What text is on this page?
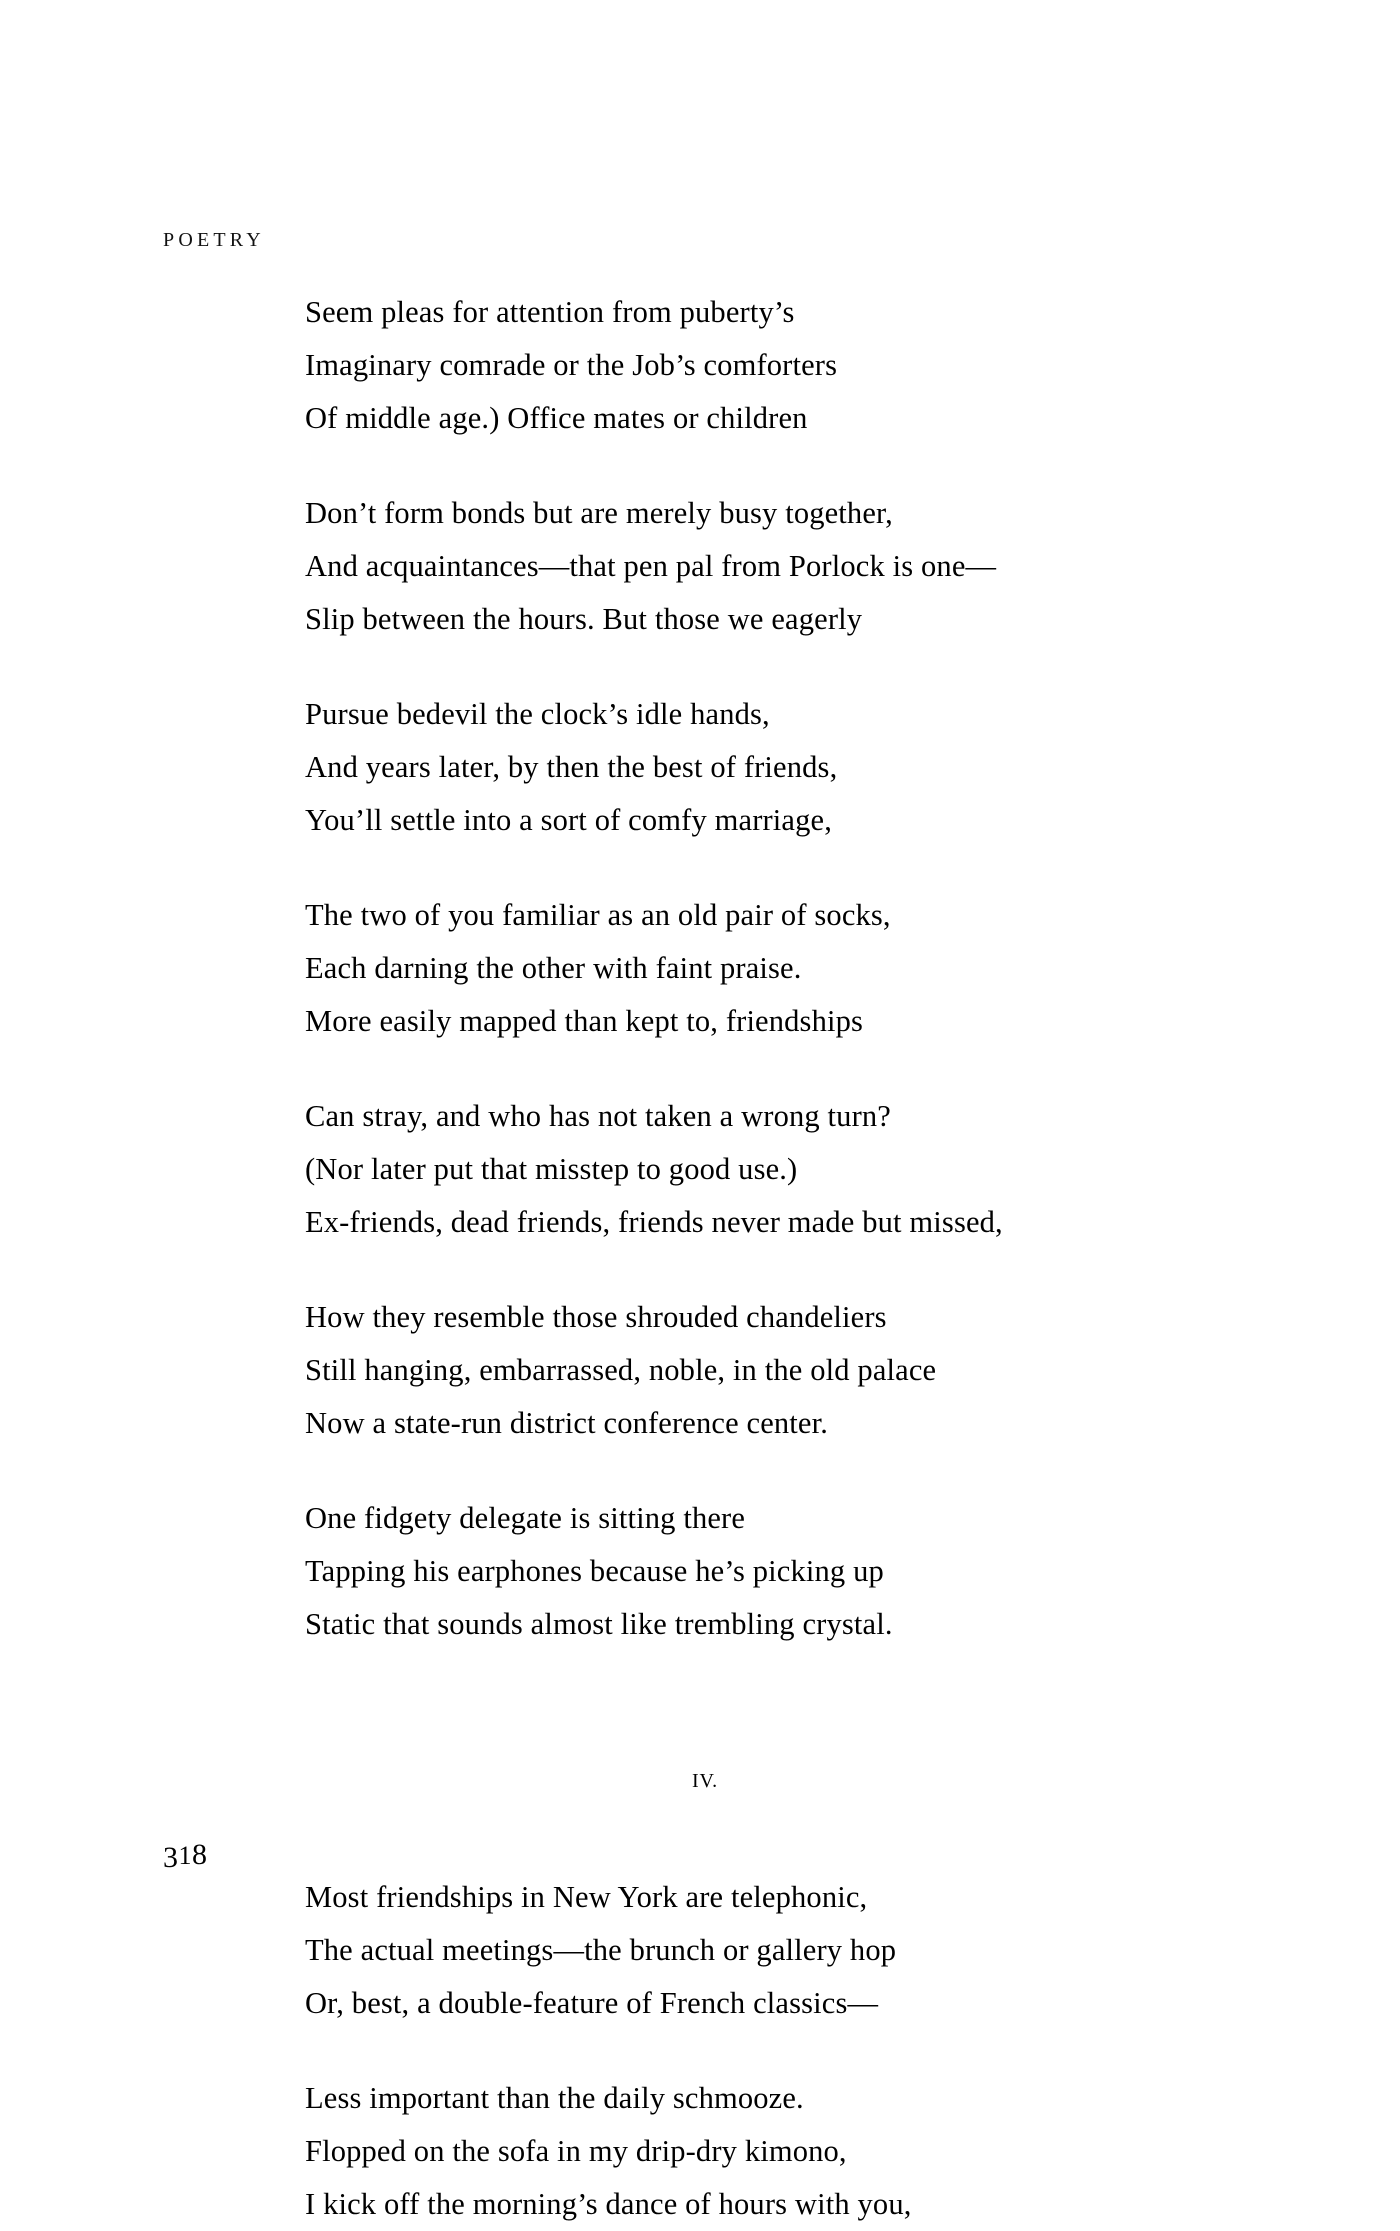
POETRY
Seem pleas for attention from puberty’s
Imaginary comrade or the Job’s comforters
Of middle age.) Office mates or children
Don’t form bonds but are merely busy together,
And acquaintances—that pen pal from Porlock is one—
Slip between the hours. But those we eagerly
Pursue bedevil the clock’s idle hands,
And years later, by then the best of friends,
You’ll settle into a sort of comfy marriage,
The two of you familiar as an old pair of socks,
Each darning the other with faint praise.
More easily mapped than kept to, friendships
Can stray, and who has not taken a wrong turn?
(Nor later put that misstep to good use.)
Ex-friends, dead friends, friends never made but missed,
How they resemble those shrouded chandeliers
Still hanging, embarrassed, noble, in the old palace
Now a state-run district conference center.
One fidgety delegate is sitting there
Tapping his earphones because he’s picking up
Static that sounds almost like trembling crystal.
IV.
Most friendships in New York are telephonic,
The actual meetings—the brunch or gallery hop
Or, best, a double-feature of French classics—
Less important than the daily schmooze.
Flopped on the sofa in my drip-dry kimono,
I kick off the morning’s dance of hours with you,
318
